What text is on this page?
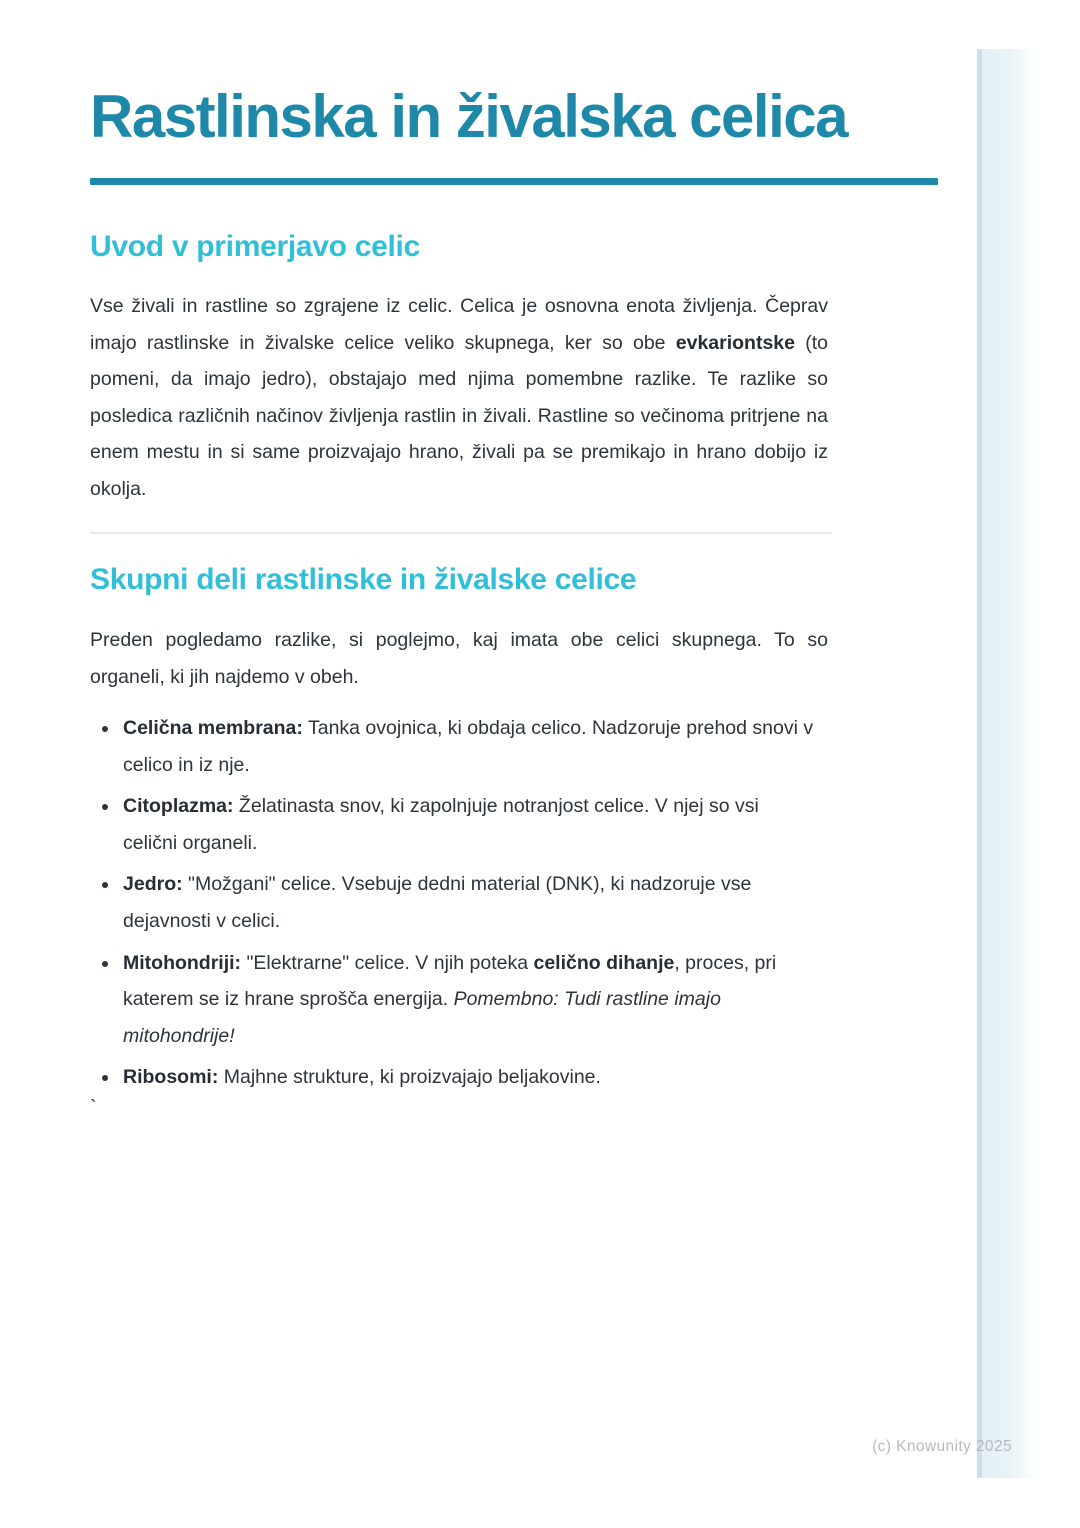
Rastlinska in živalska celica
Uvod v primerjavo celic

Vse živali in rastline so zgrajene iz celic. Celica je osnovna enota življenja. Čeprav imajo rastlinske in živalske celice veliko skupnega, ker so obe evkariontske (to pomeni, da imajo jedro), obstajajo med njima pomembne razlike. Te razlike so posledica različnih načinov življenja rastlin in živali. Rastline so večinoma pritrjene na enem mestu in si same proizvajajo hrano, živali pa se premikajo in hrano dobijo iz okolja.

Skupni deli rastlinske in živalske celice

Preden pogledamo razlike, si poglejmo, kaj imata obe celici skupnega. To so organeli, ki jih najdemo v obeh.

Celična membrana: Tanka ovojnica, ki obdaja celico. Nadzoruje prehod snovi v celico in iz nje.
Citoplazma: Želatinasta snov, ki zapolnjuje notranjost celice. V njej so vsi celični organeli.
Jedro: "Možgani" celice. Vsebuje dedni material (DNK), ki nadzoruje vse dejavnosti v celici.
Mitohondriji: "Elektrarne" celice. V njih poteka celično dihanje, proces, pri katerem se iz hrane sprošča energija. Pomembno: Tudi rastline imajo mitohondrije!
Ribosomi: Majhne strukture, ki proizvajajo beljakovine.
`
(c) Knowunity 2025
